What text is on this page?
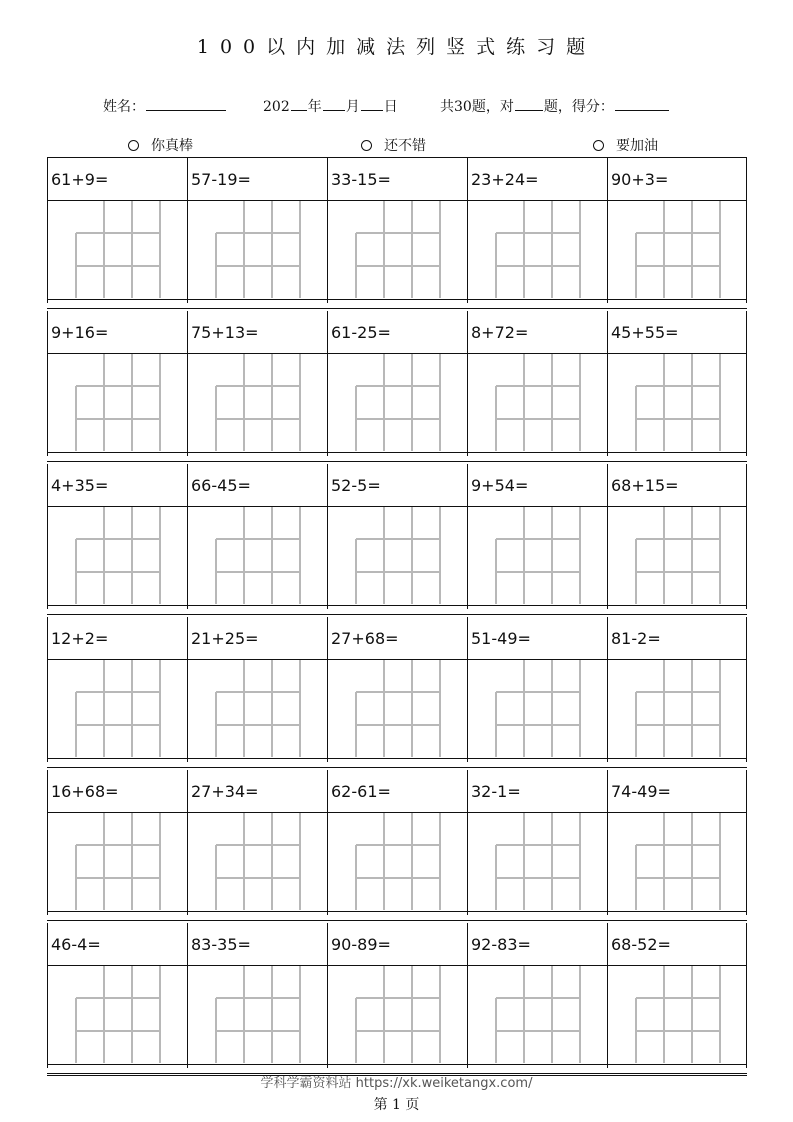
100以内加减法列竖式练习题
姓名：	202 年 月 日	共30题，对 题，得分：
你真棒	还不错	要加油
61+9=	57-19=	33-15=	23+24=	90+3=
9+16=	75+13=	61-25=	8+72=	45+55=
4+35=	66-45=	52-5=	9+54=	68+15=
12+2=	21+25=	27+68=	51-49=	81-2=
16+68=	27+34=	62-61=	32-1=	74-49=
46-4=	83-35=	90-89=	92-83=	68-52=
学科学霸资料站 https://xk.weiketangx.com/
第 1 页
